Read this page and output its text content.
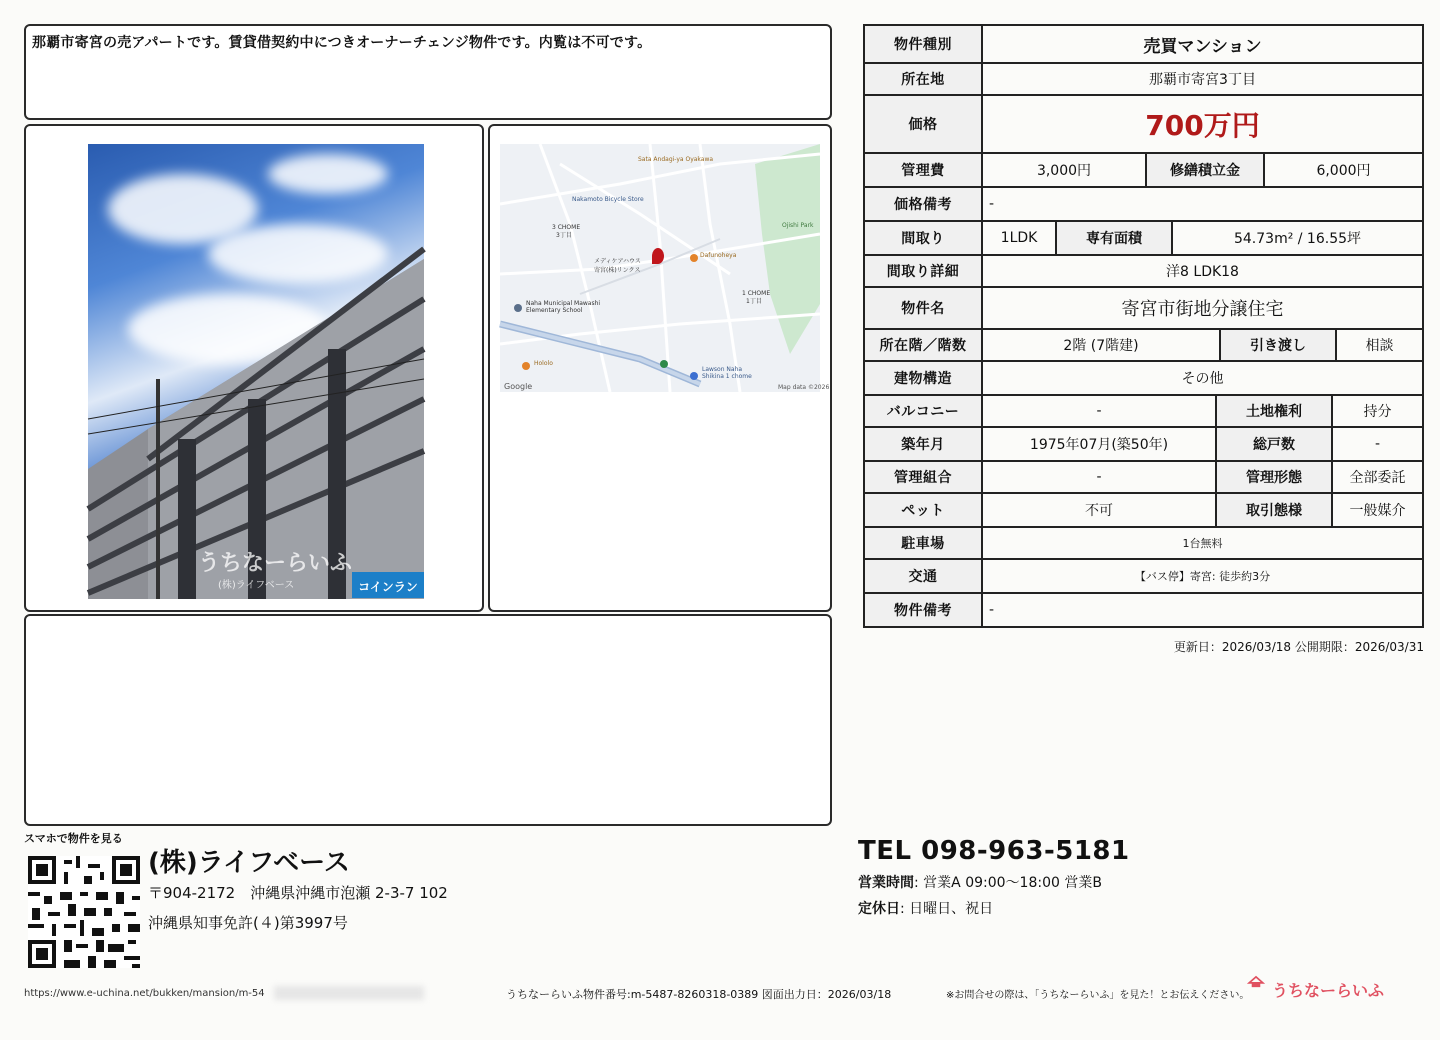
那覇市寄宮の売アパートです。賃貸借契約中につきオーナーチェンジ物件です。内覧は不可です。
うちなーらいふ
(株)ライフベース	コインラン
Sata Andagi-ya Oyakawa
Nakamoto Bicycle Store
3 CHOME
3丁目
メディケアハウス
寄宮(株)リンクス
Dafunoheya
Ojishi Park
1 CHOME
1丁目
Naha Municipal Mawashi
Elementary School
Lawson Naha
Shikina 1 chome
Hololo
Map data ©2026
Google
物件種別	売買マンション
所在地	那覇市寄宮3丁目
価格	700万円
管理費	3,000円	修繕積立金	6,000円
価格備考	-
間取り	1LDK	専有面積	54.73m² / 16.55坪
間取り詳細	洋8 LDK18
物件名	寄宮市街地分譲住宅
所在階／階数	2階 (7階建)	引き渡し	相談
建物構造	その他
バルコニー	-	土地権利	持分
築年月	1975年07月(築50年)	総戸数	-
管理組合	-	管理形態	全部委託
ペット	不可	取引態様	一般媒介
駐車場	1台無料
交通	【バス停】寄宮: 徒歩約3分
物件備考	-
更新日：2026/03/18 公開期限：2026/03/31
スマホで物件を見る
(株)ライフベース
〒904-2172　沖縄県沖縄市泡瀬 2-3-7 102
沖縄県知事免許(４)第3997号
TEL 098-963-5181
営業時間: 営業A 09:00〜18:00 営業B
定休日: 日曜日、祝日
https://www.e-uchina.net/bukken/mansion/m-54	うちなーらいふ物件番号:m-5487-8260318-0389 図面出力日：2026/03/18	※お問合せの際は、「うちなーらいふ」を見た！とお伝えください。 うちなーらいふ
